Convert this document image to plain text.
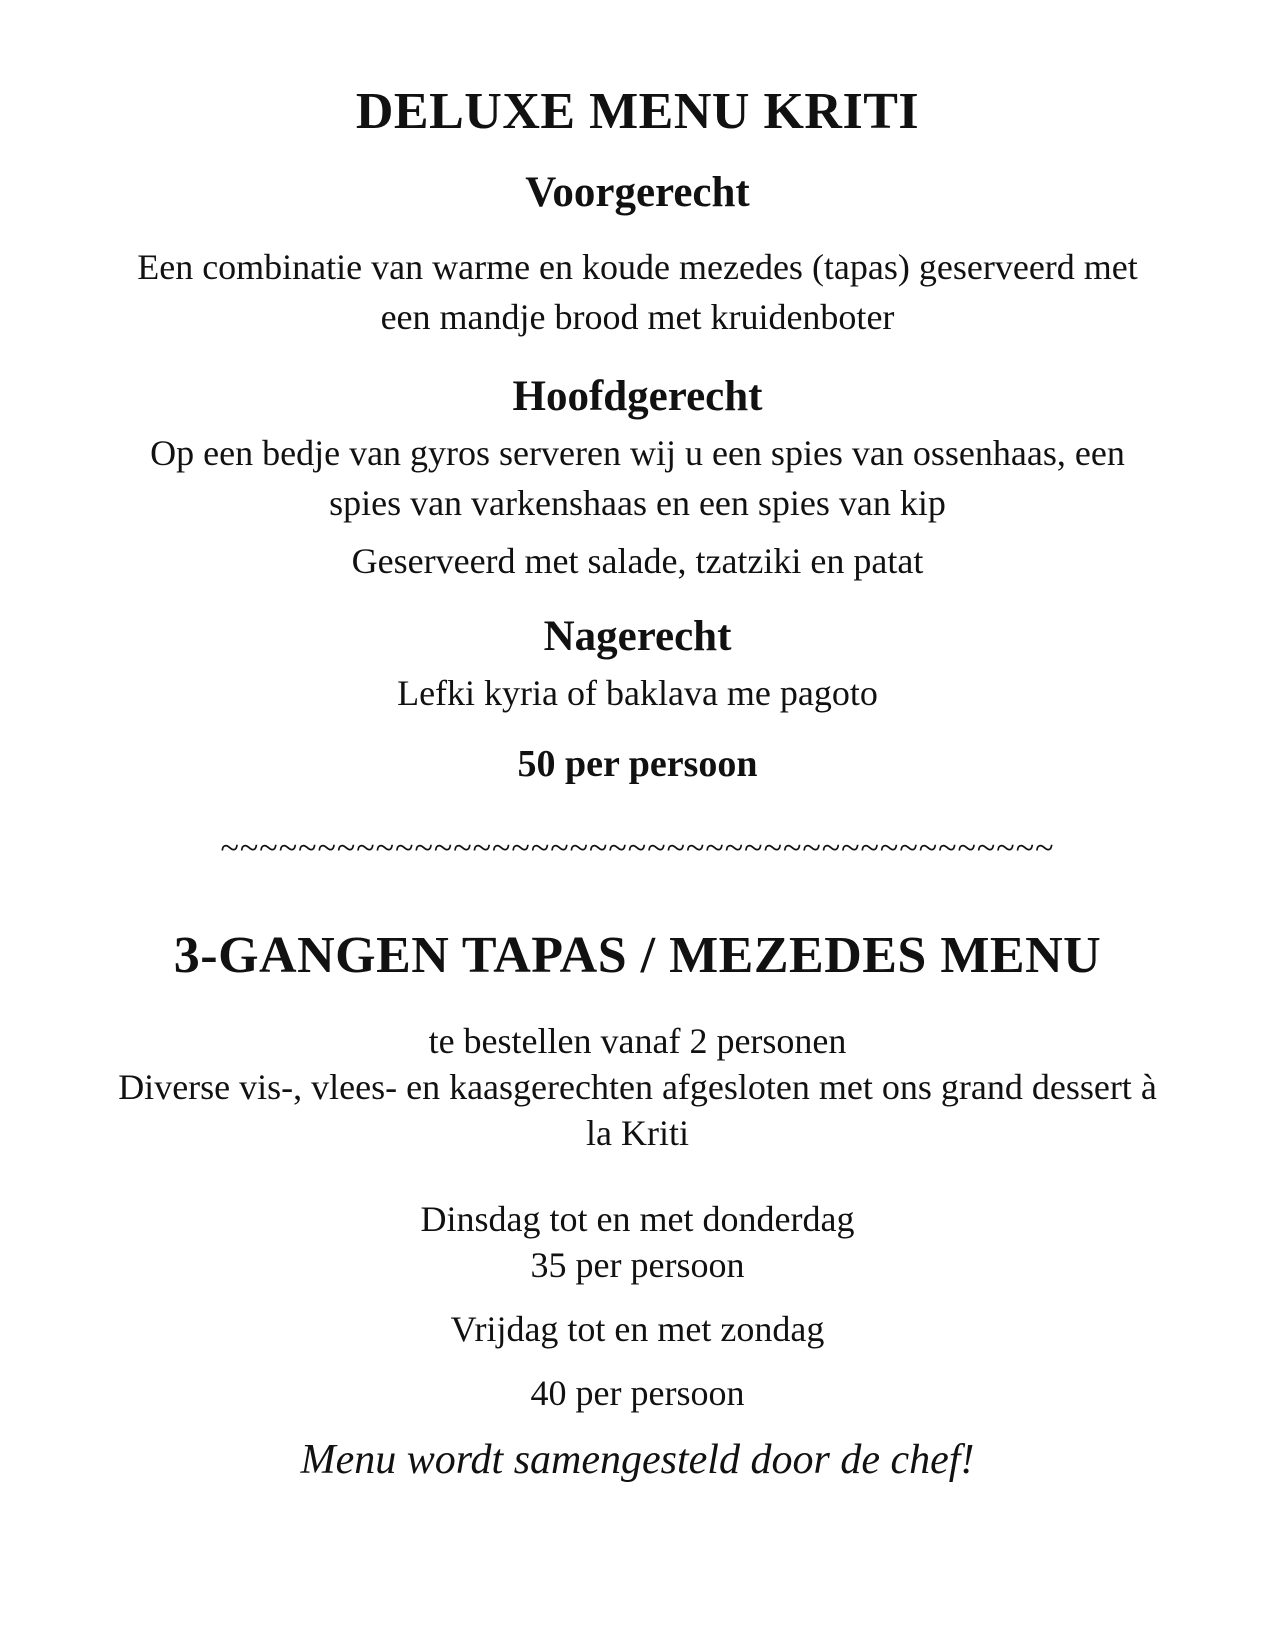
DELUXE MENU KRITI
Voorgerecht

Een combinatie van warme en koude mezedes (tapas) geserveerd met

een mandje brood met kruidenboter

Hoofdgerecht

Op een bedje van gyros serveren wij u een spies van ossenhaas, een

spies van varkenshaas en een spies van kip

Geserveerd met salade, tzatziki en patat

Nagerecht

Lefki kyria of baklava me pagoto

50 per persoon

~~~~~~~~~~~~~~~~~~~~~~~~~~~~~~~~~~~~~~~~~~~

3-GANGEN TAPAS / MEZEDES MENU

te bestellen vanaf 2 personen

Diverse vis-, vlees- en kaasgerechten afgesloten met ons grand dessert à

la Kriti

Dinsdag tot en met donderdag

35 per persoon

Vrijdag tot en met zondag

40 per persoon

Menu wordt samengesteld door de chef!
